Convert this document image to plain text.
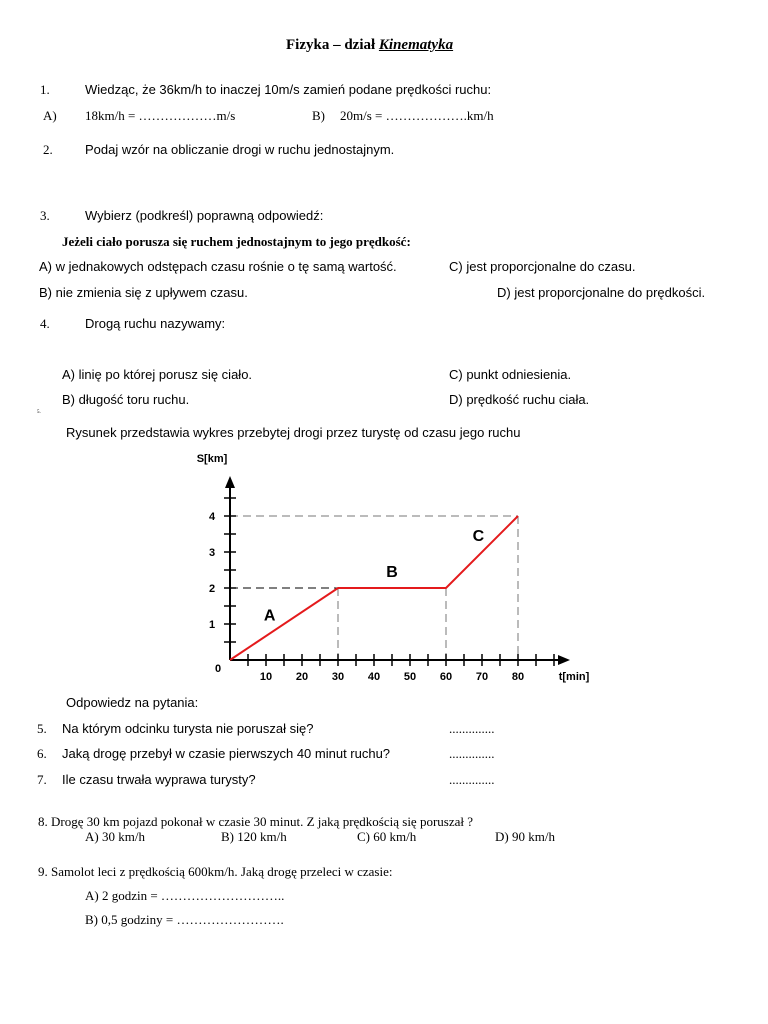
Fizyka – dział Kinematyka
1.	Wiedząc, że 36km/h to inaczej 10m/s zamień podane prędkości ruchu:
A) 18km/h = ………………m/s	B) 20m/s = ……………….km/h
2. Podaj wzór na obliczanie drogi w ruchu jednostajnym.
3.	Wybierz (podkreśl) poprawną odpowiedź:
Jeżeli ciało porusza się ruchem jednostajnym to jego prędkość:
A) w jednakowych odstępach czasu rośnie o tę samą wartość.	C) jest proporcjonalne do czasu.
B) nie zmienia się z upływem czasu.	D) jest proporcjonalne do prędkości.
4.	Drogą ruchu nazywamy:
A) linię po której porusz się ciało.	C) punkt odniesienia.
B) długość toru ruchu.	D) prędkość ruchu ciała.
5.
Rysunek przedstawia wykres przebytej drogi przez turystę od czasu jego ruchu
10 20 30 40 50 60 70 80
1
2
3
4
0
S[km]
t[min]
A
B
C
Odpowiedz na pytania:
5. Na którym odcinku turysta nie poruszał się?	..............
6. Jaką drogę przebył w czasie pierwszych 40 minut ruchu?	..............
7. Ile czasu trwała wyprawa turysty?	..............
8. Drogę 30 km pojazd pokonał w czasie 30 minut. Z jaką prędkością się poruszał ?
A) 30 km/h	B) 120 km/h	C) 60 km/h	D) 90 km/h
9. Samolot leci z prędkością 600km/h. Jaką drogę przeleci w czasie:
A) 2 godzin = ………………………..
B) 0,5 godziny = …………………….
